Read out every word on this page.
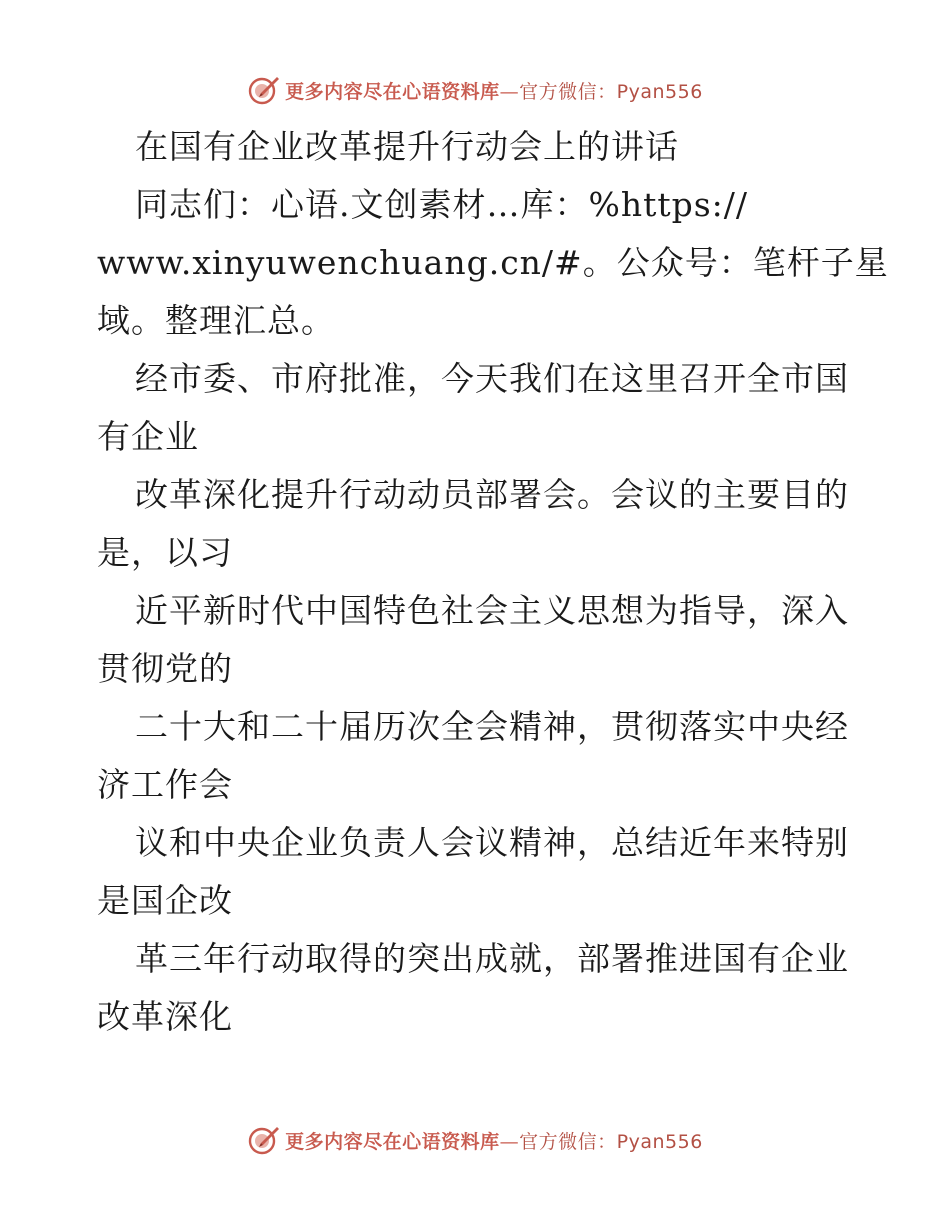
更多内容尽在心语资料库—官方微信：Pyan556
在国有企业改革提升行动会上的讲话
同志们：心语.文创素材…库：%https://
www.xinyuwenchuang.cn/#。公众号：笔杆子星
域。整理汇总。
经市委、市府批准，今天我们在这里召开全市国
有企业
改革深化提升行动动员部署会。会议的主要目的
是，以习
近平新时代中国特色社会主义思想为指导，深入
贯彻党的
二十大和二十届历次全会精神，贯彻落实中央经
济工作会
议和中央企业负责人会议精神，总结近年来特别
是国企改
革三年行动取得的突出成就，部署推进国有企业
改革深化
更多内容尽在心语资料库—官方微信：Pyan556
